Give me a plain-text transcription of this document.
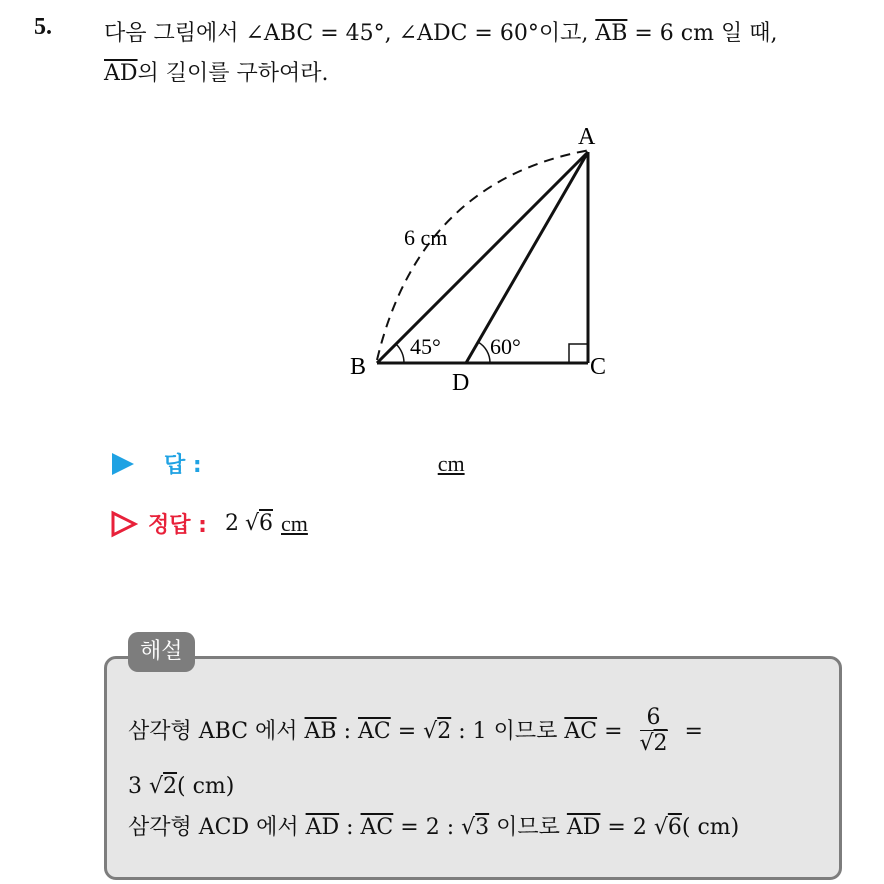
5. 다음 그림에서 ∠ABC = 45°, ∠ADC = 60°이고, $\overline{AB} = 6$ cm 일 때,
$\overline{AD}$의 길이를 구하여라.
A
B	C
D
45° 60°
6 cm
답 :	cm
정답 : 2 √ 6 cm
해설
삼각형 ABC 에서 $\overline{AB}$ : $\overline{AC} = √2$ : 1 이므로 $\overline{AC} = \frac{6}{√2}$ =
3 √2( cm)
삼각형 ACD 에서 $\overline{AD}$ : $\overline{AC} = 2$ : √3 이므로 $\overline{AD} = 2$ √6( cm)
